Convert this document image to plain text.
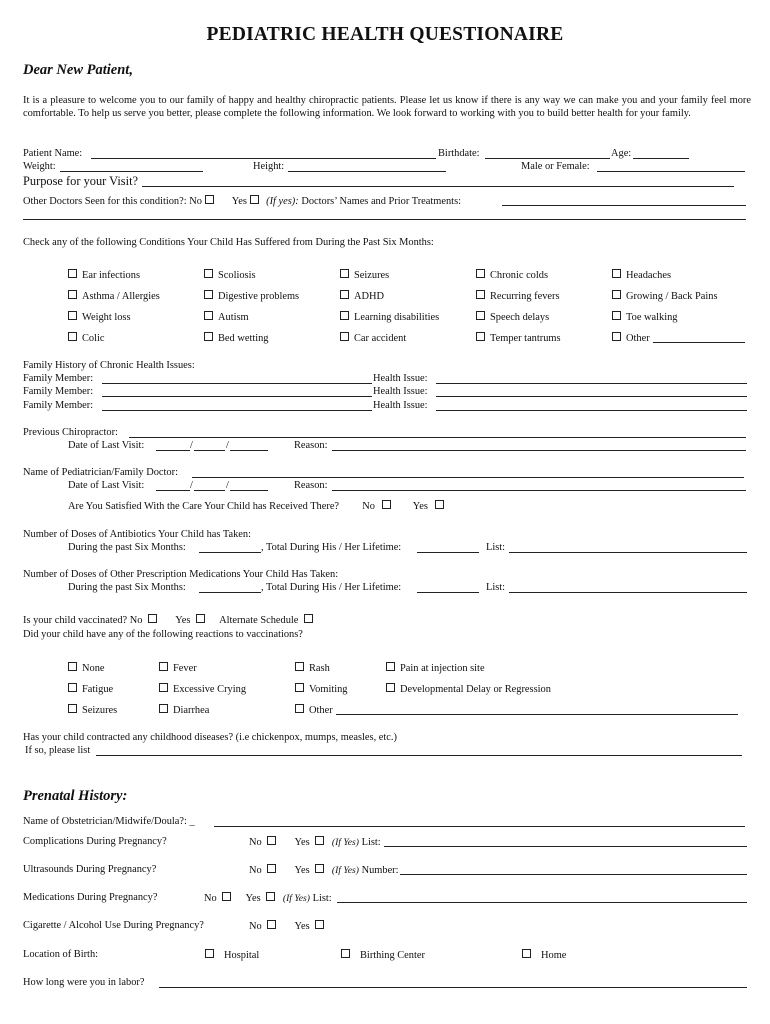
PEDIATRIC HEALTH QUESTIONAIRE
Dear New Patient,
It is a pleasure to welcome you to our family of happy and healthy chiropractic patients. Please let us know if there is any way we can make you and your family feel more comfortable. To help us serve you better, please complete the following information. We look forward to working with you to build better health for your family.
Patient Name:	Birthdate:	Age:
Weight:	Height:	Male or Female:
Purpose for your Visit?
Other Doctors Seen for this condition?: No	Yes (If yes): Doctors’ Names and Prior Treatments:
Check any of the following Conditions Your Child Has Suffered from During the Past Six Months:
Ear infections	Scoliosis	Seizures	Chronic colds	Headaches
Asthma / Allergies	Digestive problems	ADHD	Recurring fevers	Growing / Back Pains
Weight loss	Autism	Learning disabilities	Speech delays	Toe walking
Colic	Bed wetting	Car accident	Temper tantrums	Other
Family History of Chronic Health Issues:
Family Member:	Health Issue:
Family Member:	Health Issue:
Family Member:	Health Issue:
Previous Chiropractor:
Date of Last Visit:	/	/	Reason:
Name of Pediatrician/Family Doctor:
Date of Last Visit:	/	/	Reason:
Are You Satisfied With the Care Your Child has Received There? No	Yes
Number of Doses of Antibiotics Your Child has Taken:
During the past Six Months:	, Total During His / Her Lifetime:	List:
Number of Doses of Other Prescription Medications Your Child Has Taken:
During the past Six Months:	, Total During His / Her Lifetime:	List:
Is your child vaccinated? No	Yes	Alternate Schedule
Did your child have any of the following reactions to vaccinations?
None	Fever	Rash	Pain at injection site
Fatigue	Excessive Crying	Vomiting	Developmental Delay or Regression
Seizures	Diarrhea	Other
Has your child contracted any childhood diseases? (i.e chickenpox, mumps, measles, etc.)
If so, please list
Prenatal History:
Name of Obstetrician/Midwife/Doula?: _
Complications During Pregnancy?	No	Yes (If Yes) List:
Ultrasounds During Pregnancy?	No	Yes (If Yes) Number:
Medications During Pregnancy?	No	Yes (If Yes) List:
Cigarette / Alcohol Use During Pregnancy?	No	Yes
Location of Birth:	Hospital	Birthing Center	Home
How long were you in labor?
